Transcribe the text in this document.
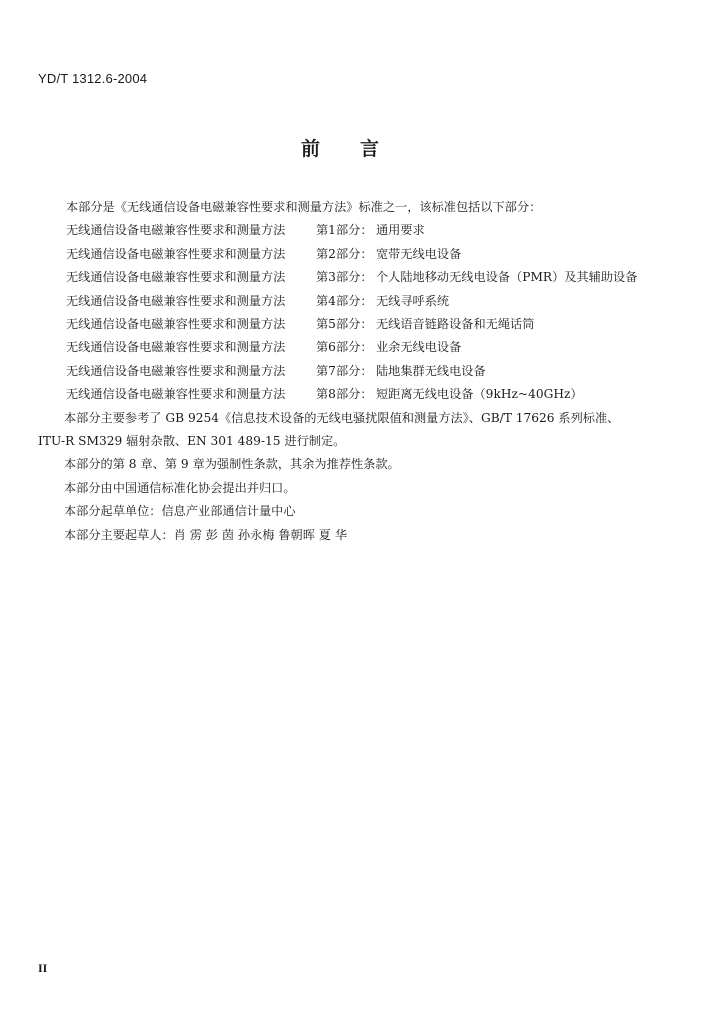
YD/T 1312.6-2004
前言
本部分是《无线通信设备电磁兼容性要求和测量方法》标准之一，该标准包括以下部分：
无线通信设备电磁兼容性要求和测量方法	第1部分： 通用要求
无线通信设备电磁兼容性要求和测量方法	第2部分： 宽带无线电设备
无线通信设备电磁兼容性要求和测量方法	第3部分： 个人陆地移动无线电设备（PMR）及其辅助设备
无线通信设备电磁兼容性要求和测量方法	第4部分： 无线寻呼系统
无线通信设备电磁兼容性要求和测量方法	第5部分： 无线语音链路设备和无绳话筒
无线通信设备电磁兼容性要求和测量方法	第6部分： 业余无线电设备
无线通信设备电磁兼容性要求和测量方法	第7部分： 陆地集群无线电设备
无线通信设备电磁兼容性要求和测量方法	第8部分： 短距离无线电设备（9kHz~40GHz）
本部分主要参考了 GB 9254《信息技术设备的无线电骚扰限值和测量方法》、GB/T 17626 系列标准、
ITU-R SM329 辐射杂散、EN 301 489-15 进行制定。
本部分的第 8 章、第 9 章为强制性条款，其余为推荐性条款。
本部分由中国通信标准化协会提出并归口。
本部分起草单位：信息产业部通信计量中心
本部分主要起草人：肖 雳 彭 茵 孙永梅 鲁朝晖 夏 华
II
